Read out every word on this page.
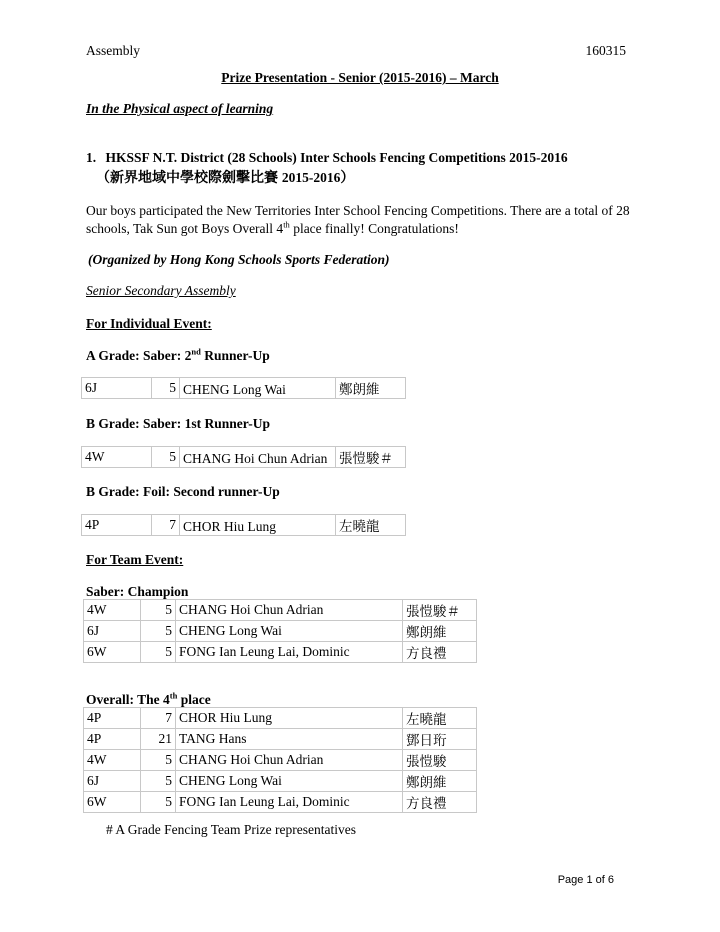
Assembly	160315
Prize Presentation - Senior (2015-2016) – March
In the Physical aspect of learning
1. HKSSF N.T. District (28 Schools) Inter Schools Fencing Competitions 2015-2016
（新界地域中學校際劍擊比賽 2015-2016）
Our boys participated the New Territories Inter School Fencing Competitions. There are a total of 28
schools, Tak Sun got Boys Overall 4th place finally! Congratulations!
(Organized by Hong Kong Schools Sports Federation)
Senior Secondary Assembly
For Individual Event:
A Grade: Saber: 2nd Runner-Up
6J	5	CHENG Long Wai	鄭朗維
B Grade: Saber: 1st Runner-Up
4W	5	CHANG Hoi Chun Adrian	張愷駿＃
B Grade: Foil: Second runner-Up
4P	7	CHOR Hiu Lung	左曉龍
For Team Event:
Saber: Champion
4W	5	CHANG Hoi Chun Adrian	張愷駿＃
6J	5	CHENG Long Wai	鄭朗維
6W	5	FONG Ian Leung Lai, Dominic	方良禮
Overall: The 4th place
4P	7	CHOR Hiu Lung	左曉龍
4P	21	TANG Hans	鄧日珩
4W	5	CHANG Hoi Chun Adrian	張愷駿
6J	5	CHENG Long Wai	鄭朗維
6W	5	FONG Ian Leung Lai, Dominic	方良禮
# A Grade Fencing Team Prize representatives
Page 1 of 6
